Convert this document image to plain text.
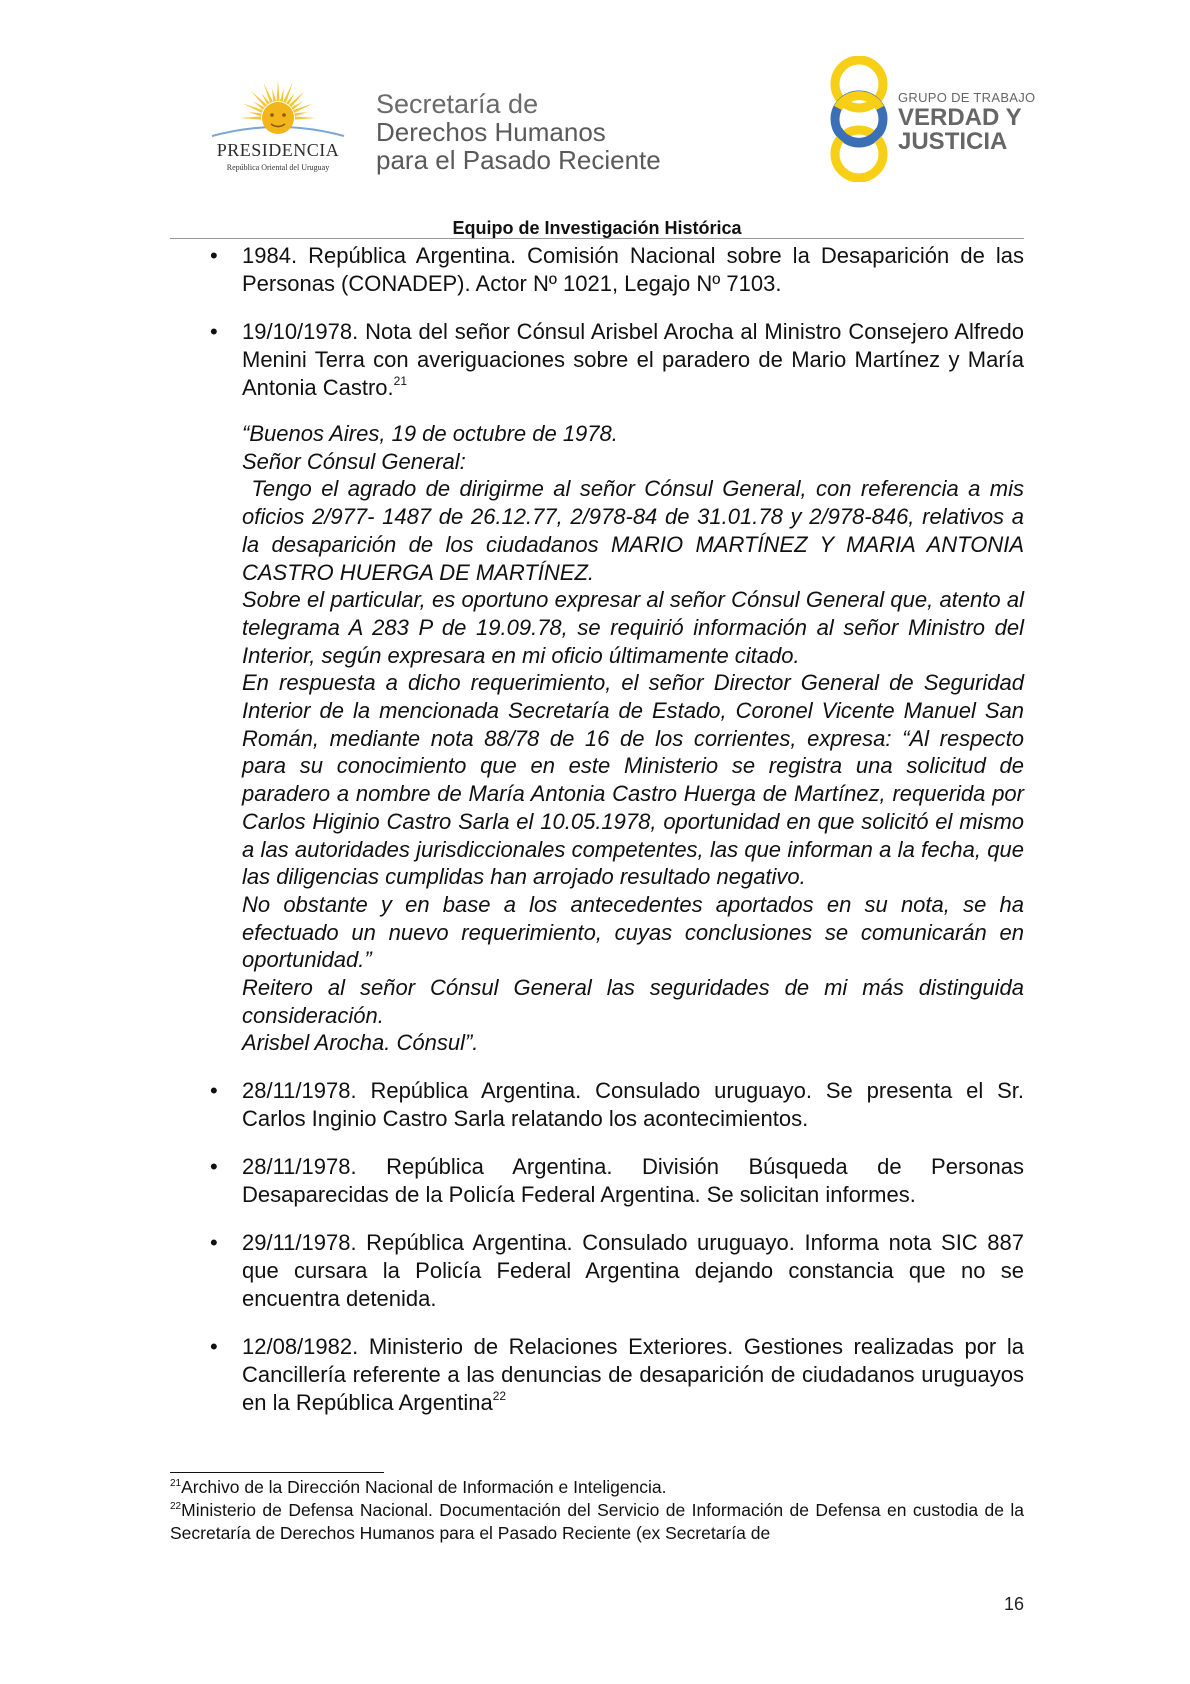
PRESIDENCIA
República Oriental del Uruguay
Secretaría de
Derechos Humanos
para el Pasado Reciente
GRUPO DE TRABAJO
VERDAD Y
JUSTICIA
Equipo de Investigación Histórica
• 1984. República Argentina. Comisión Nacional sobre la Desaparición de las Personas (CONADEP). Actor Nº 1021, Legajo Nº 7103.

• 19/10/1978. Nota del señor Cónsul Arisbel Arocha al Ministro Consejero Alfredo Menini Terra con averiguaciones sobre el paradero de Mario Martínez y María Antonia Castro.$^{21}$

“Buenos Aires, 19 de octubre de 1978.

Señor Cónsul General:

Tengo el agrado de dirigirme al señor Cónsul General, con referencia a mis oficios 2/977- 1487 de 26.12.77, 2/978-84 de 31.01.78 y 2/978-846, relativos a la desaparición de los ciudadanos MARIO MARTÍNEZ Y MARIA ANTONIA CASTRO HUERGA DE MARTÍNEZ.

Sobre el particular, es oportuno expresar al señor Cónsul General que, atento al telegrama A 283 P de 19.09.78, se requirió información al señor Ministro del Interior, según expresara en mi oficio últimamente citado.

En respuesta a dicho requerimiento, el señor Director General de Seguridad Interior de la mencionada Secretaría de Estado, Coronel Vicente Manuel San Román, mediante nota 88/78 de 16 de los corrientes, expresa: “Al respecto para su conocimiento que en este Ministerio se registra una solicitud de paradero a nombre de María Antonia Castro Huerga de Martínez, requerida por Carlos Higinio Castro Sarla el 10.05.1978, oportunidad en que solicitó el mismo a las autoridades jurisdiccionales competentes, las que informan a la fecha, que las diligencias cumplidas han arrojado resultado negativo.

No obstante y en base a los antecedentes aportados en su nota, se ha efectuado un nuevo requerimiento, cuyas conclusiones se comunicarán en oportunidad.”

Reitero al señor Cónsul General las seguridades de mi más distinguida consideración.

Arisbel Arocha. Cónsul”.

• 28/11/1978. República Argentina. Consulado uruguayo. Se presenta el Sr. Carlos Inginio Castro Sarla relatando los acontecimientos.

• 28/11/1978. República Argentina. División Búsqueda de Personas Desaparecidas de la Policía Federal Argentina. Se solicitan informes.

• 29/11/1978. República Argentina. Consulado uruguayo. Informa nota SIC 887 que cursara la Policía Federal Argentina dejando constancia que no se encuentra detenida.

• 12/08/1982. Ministerio de Relaciones Exteriores. Gestiones realizadas por la Cancillería referente a las denuncias de desaparición de ciudadanos uruguayos en la República Argentina$^{22}$

$^{21}$Archivo de la Dirección Nacional de Información e Inteligencia.

$^{22}$Ministerio de Defensa Nacional. Documentación del Servicio de Información de Defensa en custodia de la Secretaría de Derechos Humanos para el Pasado Reciente (ex Secretaría de

16
